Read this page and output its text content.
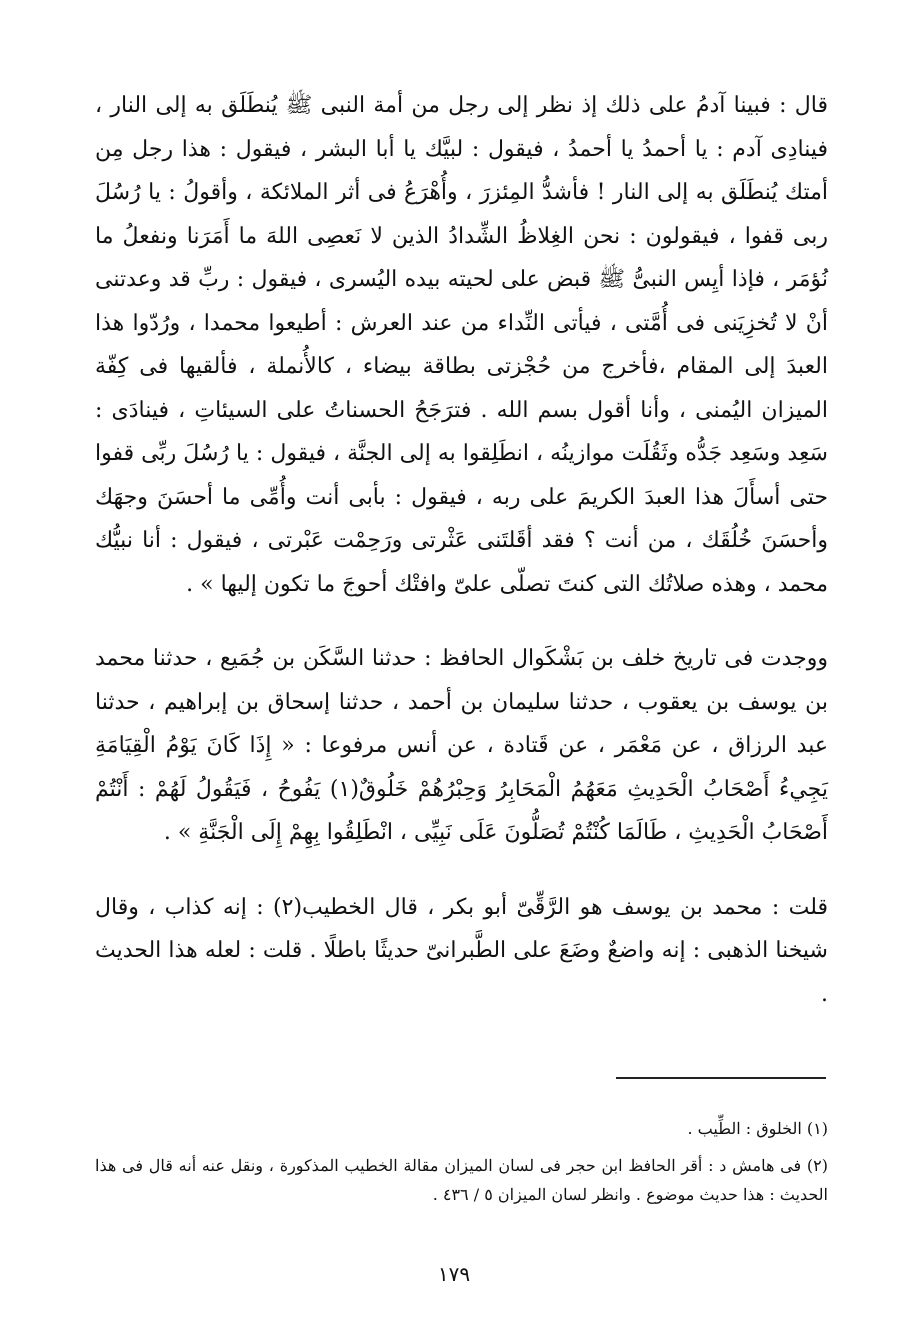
قال : فبينا آدمُ على ذلك إذ نظر إلى رجل من أمة النبى ﷺ يُنطَلَق به إلى النار ، فينادِى آدم : يا أحمدُ يا أحمدُ ، فيقول : لبيَّك يا أبا البشر ، فيقول : هذا رجل مِن أمتك يُنطَلَق به إلى النار ! فأشدُّ المِئزرَ ، وأُهْرَعُ فى أثر الملائكة ، وأقولُ : يا رُسُلَ ربى قفوا ، فيقولون : نحن الغِلاظُ الشِّدادُ الذين لا نَعصِى اللهَ ما أَمَرَنا ونفعلُ ما نُؤمَر ، فإذا أيِس النبىُّ ﷺ قبض على لحيته بيده اليُسرى ، فيقول : ربِّ قد وعدتنى أنْ لا تُخزِيَنى فى أُمَّتى ، فيأتى النِّداء من عند العرش : أطيعوا محمدا ، ورُدّوا هذا العبدَ إلى المقام ،فأخرج من حُجْزتى بطاقة بيضاء ، كالأُنملة ، فألقيها فى كِفّة الميزان اليُمنى ، وأنا أقول بسم الله . فترَجَحُ الحسناتُ على السيئاتِ ، فينادَى : سَعِد وسَعِد جَدُّه وثَقُلَت موازينُه ، انطَلِقوا به إلى الجنَّة ، فيقول : يا رُسُلَ ربِّى قفوا حتى أسأَلَ هذا العبدَ الكريمَ على ربه ، فيقول : بأبى أنت وأُمِّى ما أحسَنَ وجهَك وأحسَنَ خُلُقَك ، من أنت ؟ فقد أقَلتَنى عَثْرتى ورَحِمْت عَبْرتى ، فيقول : أنا نبيُّك محمد ، وهذه صلاتُك التى كنتَ تصلّى علىّ وافتْك أحوجَ ما تكون إليها » .

ووجدت فى تاريخ خلف بن بَشْكَوال الحافظ : حدثنا السَّكَن بن جُمَيع ، حدثنا محمد بن يوسف بن يعقوب ، حدثنا سليمان بن أحمد ، حدثنا إسحاق بن إبراهيم ، حدثنا عبد الرزاق ، عن مَعْمَر ، عن قَتادة ، عن أنس مرفوعا : « إِذَا كَانَ يَوْمُ الْقِيَامَةِ يَجِيءُ أَصْحَابُ الْحَدِيثِ مَعَهُمُ الْمَحَابِرُ وَحِبْرُهُمْ خَلُوقٌ(١) يَفُوحُ ، فَيَقُولُ لَهُمْ : أَنْتُمْ أَصْحَابُ الْحَدِيثِ ، طَالَمَا كُنْتُمْ تُصَلُّونَ عَلَى نَبِيِّى ، انْطَلِقُوا بِهِمْ إِلَى الْجَنَّةِ » .

قلت : محمد بن يوسف هو الرَّقِّىّ أبو بكر ، قال الخطيب(٢) : إنه كذاب ، وقال شيخنا الذهبى : إنه واضعٌ وضَعَ على الطَّبرانىّ حديثًا باطلًا . قلت : لعله هذا الحديث .

(١) الخلوق : الطِّيب .

(٢) فى هامش د : أقر الحافظ ابن حجر فى لسان الميزان مقالة الخطيب المذكورة ، ونقل عنه أنه قال فى هذا الحديث : هذا حديث موضوع . وانظر لسان الميزان ٥ / ٤٣٦ .

١٧٩
